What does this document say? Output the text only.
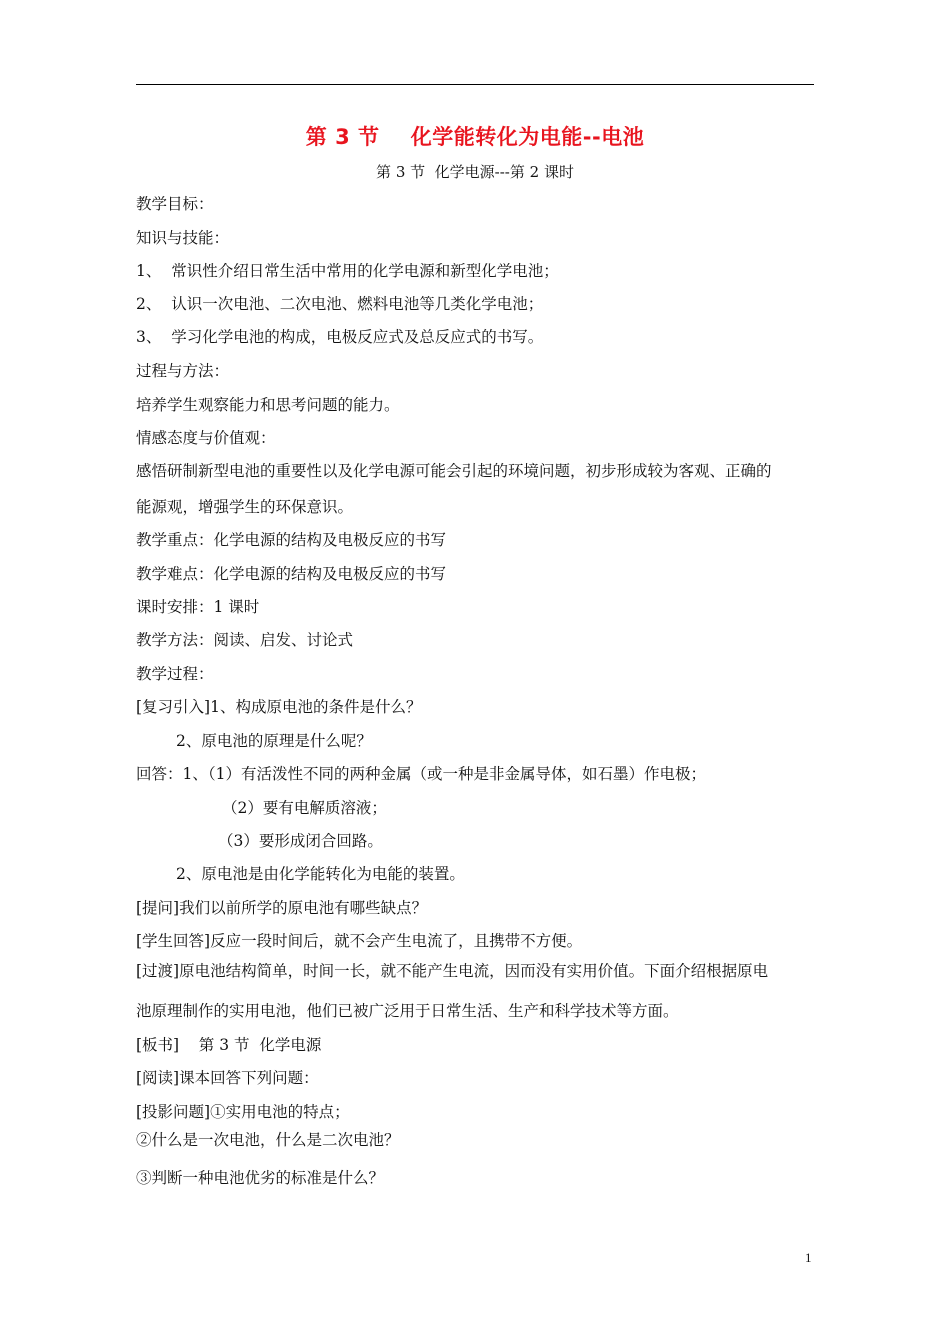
第 3 节    化学能转化为电能--电池
第 3 节  化学电源---第 2 课时
教学目标：
知识与技能：
1、  常识性介绍日常生活中常用的化学电源和新型化学电池；
2、  认识一次电池、二次电池、燃料电池等几类化学电池；
3、  学习化学电池的构成，电极反应式及总反应式的书写。
过程与方法：
培养学生观察能力和思考问题的能力。
情感态度与价值观：
感悟研制新型电池的重要性以及化学电源可能会引起的环境问题，初步形成较为客观、正确的
能源观，增强学生的环保意识。
教学重点：化学电源的结构及电极反应的书写
教学难点：化学电源的结构及电极反应的书写
课时安排：1 课时
教学方法：阅读、启发、讨论式
教学过程：
[复习引入]1、构成原电池的条件是什么？
2、原电池的原理是什么呢？
回答：1、（1）有活泼性不同的两种金属（或一种是非金属导体，如石墨）作电极；
（2）要有电解质溶液；
（3）要形成闭合回路。
2、原电池是由化学能转化为电能的装置。
[提问]我们以前所学的原电池有哪些缺点？
[学生回答]反应一段时间后，就不会产生电流了，且携带不方便。
[过渡]原电池结构简单，时间一长，就不能产生电流，因而没有实用价值。下面介绍根据原电
池原理制作的实用电池，他们已被广泛用于日常生活、生产和科学技术等方面。
[板书]    第 3 节  化学电源
[阅读]课本回答下列问题：
[投影问题]①实用电池的特点；
②什么是一次电池，什么是二次电池？
③判断一种电池优劣的标准是什么？
1
